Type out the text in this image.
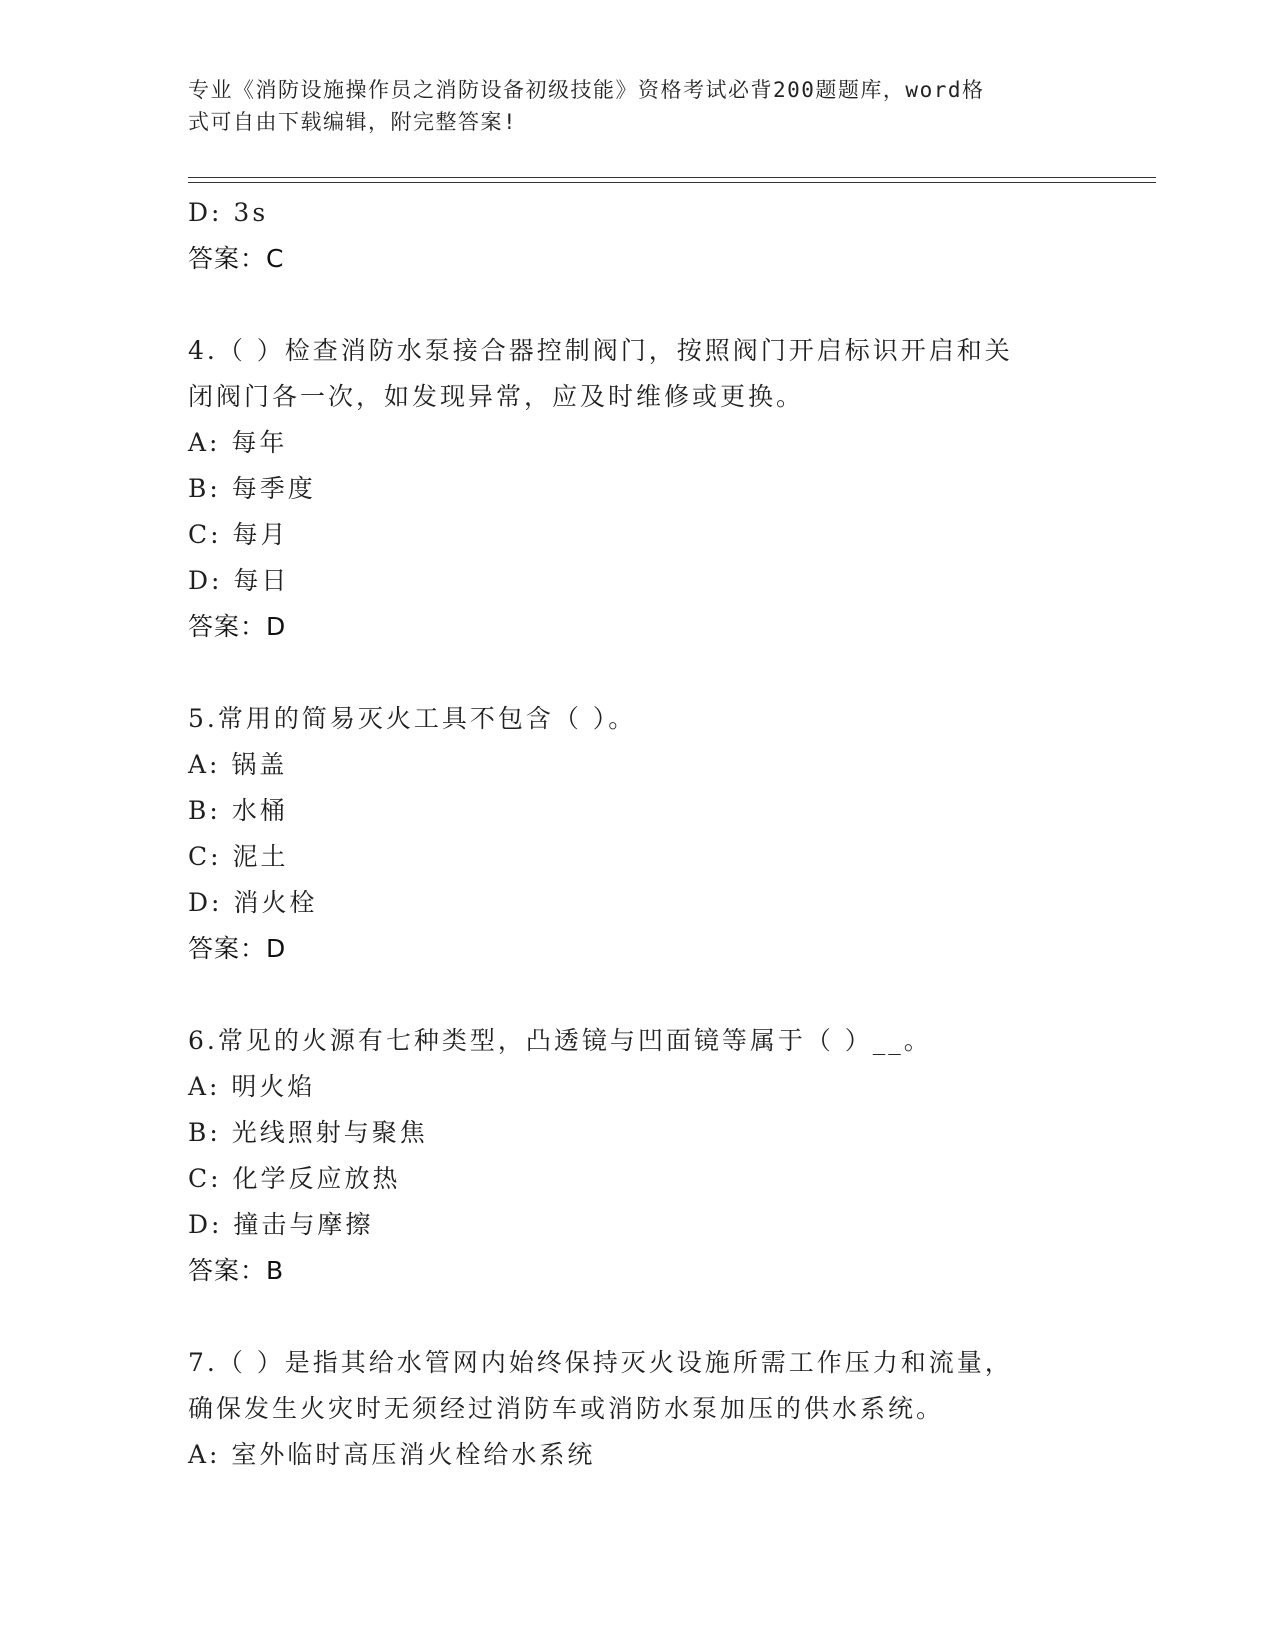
专业《消防设施操作员之消防设备初级技能》资格考试必背200题题库，word格
式可自由下载编辑，附完整答案!
D: 3s
答案：C
4.（ ）检查消防水泵接合器控制阀门，按照阀门开启标识开启和关
闭阀门各一次，如发现异常，应及时维修或更换。
A: 每年
B: 每季度
C: 每月
D: 每日
答案：D
5.常用的简易灭火工具不包含（ ）。
A: 锅盖
B: 水桶
C: 泥土
D: 消火栓
答案：D
6.常见的火源有七种类型，凸透镜与凹面镜等属于（ ）__。
A: 明火焰
B: 光线照射与聚焦
C: 化学反应放热
D: 撞击与摩擦
答案：B
7.（ ）是指其给水管网内始终保持灭火设施所需工作压力和流量，
确保发生火灾时无须经过消防车或消防水泵加压的供水系统。
A: 室外临时高压消火栓给水系统
